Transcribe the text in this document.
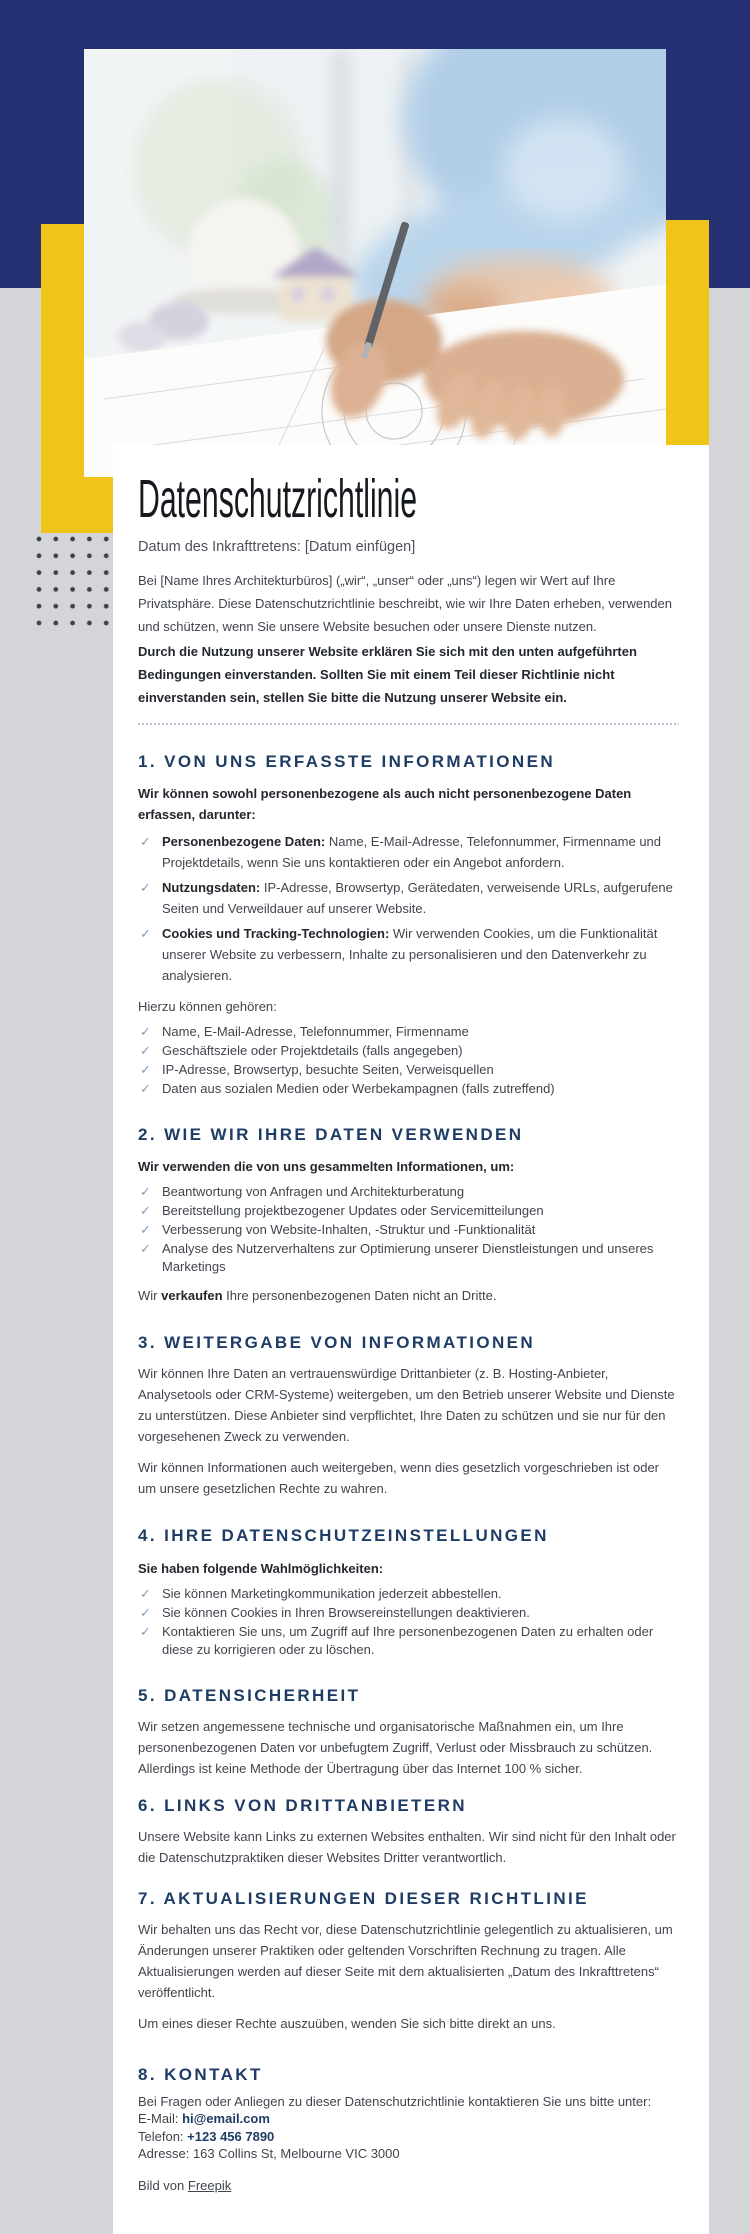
Datenschutzrichtlinie

Datum des Inkrafttretens: [Datum einfügen]

Bei [Name Ihres Architekturbüros] („wir“, „unser“ oder „uns“) legen wir Wert auf Ihre Privatsphäre. Diese Datenschutzrichtlinie beschreibt, wie wir Ihre Daten erheben, verwenden und schützen, wenn Sie unsere Website besuchen oder unsere Dienste nutzen.

Durch die Nutzung unserer Website erklären Sie sich mit den unten aufgeführten Bedingungen einverstanden. Sollten Sie mit einem Teil dieser Richtlinie nicht einverstanden sein, stellen Sie bitte die Nutzung unserer Website ein.

1. VON UNS ERFASSTE INFORMATIONEN

Wir können sowohl personenbezogene als auch nicht personenbezogene Daten erfassen, darunter:

✓ Personenbezogene Daten: Name, E-Mail-Adresse, Telefonnummer, Firmenname und Projektdetails, wenn Sie uns kontaktieren oder ein Angebot anfordern.
✓ Nutzungsdaten: IP-Adresse, Browsertyp, Gerätedaten, verweisende URLs, aufgerufene Seiten und Verweildauer auf unserer Website.
✓ Cookies und Tracking-Technologien: Wir verwenden Cookies, um die Funktionalität unserer Website zu verbessern, Inhalte zu personalisieren und den Datenverkehr zu analysieren.

Hierzu können gehören:

✓ Name, E-Mail-Adresse, Telefonnummer, Firmenname
✓ Geschäftsziele oder Projektdetails (falls angegeben)
✓ IP-Adresse, Browsertyp, besuchte Seiten, Verweisquellen
✓ Daten aus sozialen Medien oder Werbekampagnen (falls zutreffend)
2. WIE WIR IHRE DATEN VERWENDEN

Wir verwenden die von uns gesammelten Informationen, um:

✓ Beantwortung von Anfragen und Architekturberatung
✓ Bereitstellung projektbezogener Updates oder Servicemitteilungen
✓ Verbesserung von Website-Inhalten, -Struktur und -Funktionalität
✓ Analyse des Nutzerverhaltens zur Optimierung unserer Dienstleistungen und unseres Marketings

Wir verkaufen Ihre personenbezogenen Daten nicht an Dritte.

3. WEITERGABE VON INFORMATIONEN

Wir können Ihre Daten an vertrauenswürdige Drittanbieter (z. B. Hosting-Anbieter, Analysetools oder CRM-Systeme) weitergeben, um den Betrieb unserer Website und Dienste zu unterstützen. Diese Anbieter sind verpflichtet, Ihre Daten zu schützen und sie nur für den vorgesehenen Zweck zu verwenden.

Wir können Informationen auch weitergeben, wenn dies gesetzlich vorgeschrieben ist oder um unsere gesetzlichen Rechte zu wahren.

4. IHRE DATENSCHUTZEINSTELLUNGEN

Sie haben folgende Wahlmöglichkeiten:

✓ Sie können Marketingkommunikation jederzeit abbestellen.
✓ Sie können Cookies in Ihren Browsereinstellungen deaktivieren.
✓ Kontaktieren Sie uns, um Zugriff auf Ihre personenbezogenen Daten zu erhalten oder diese zu korrigieren oder zu löschen.
5. DATENSICHERHEIT

Wir setzen angemessene technische und organisatorische Maßnahmen ein, um Ihre personenbezogenen Daten vor unbefugtem Zugriff, Verlust oder Missbrauch zu schützen. Allerdings ist keine Methode der Übertragung über das Internet 100 % sicher.

6. LINKS VON DRITTANBIETERN

Unsere Website kann Links zu externen Websites enthalten. Wir sind nicht für den Inhalt oder die Datenschutzpraktiken dieser Websites Dritter verantwortlich.

7. AKTUALISIERUNGEN DIESER RICHTLINIE

Wir behalten uns das Recht vor, diese Datenschutzrichtlinie gelegentlich zu aktualisieren, um Änderungen unserer Praktiken oder geltenden Vorschriften Rechnung zu tragen. Alle Aktualisierungen werden auf dieser Seite mit dem aktualisierten „Datum des Inkrafttretens“ veröffentlicht.

Um eines dieser Rechte auszuüben, wenden Sie sich bitte direkt an uns.

8. KONTAKT

Bei Fragen oder Anliegen zu dieser Datenschutzrichtlinie kontaktieren Sie uns bitte unter:

E-Mail: hi@email.com

Telefon: +123 456 7890

Adresse: 163 Collins St, Melbourne VIC 3000

Bild von Freepik
